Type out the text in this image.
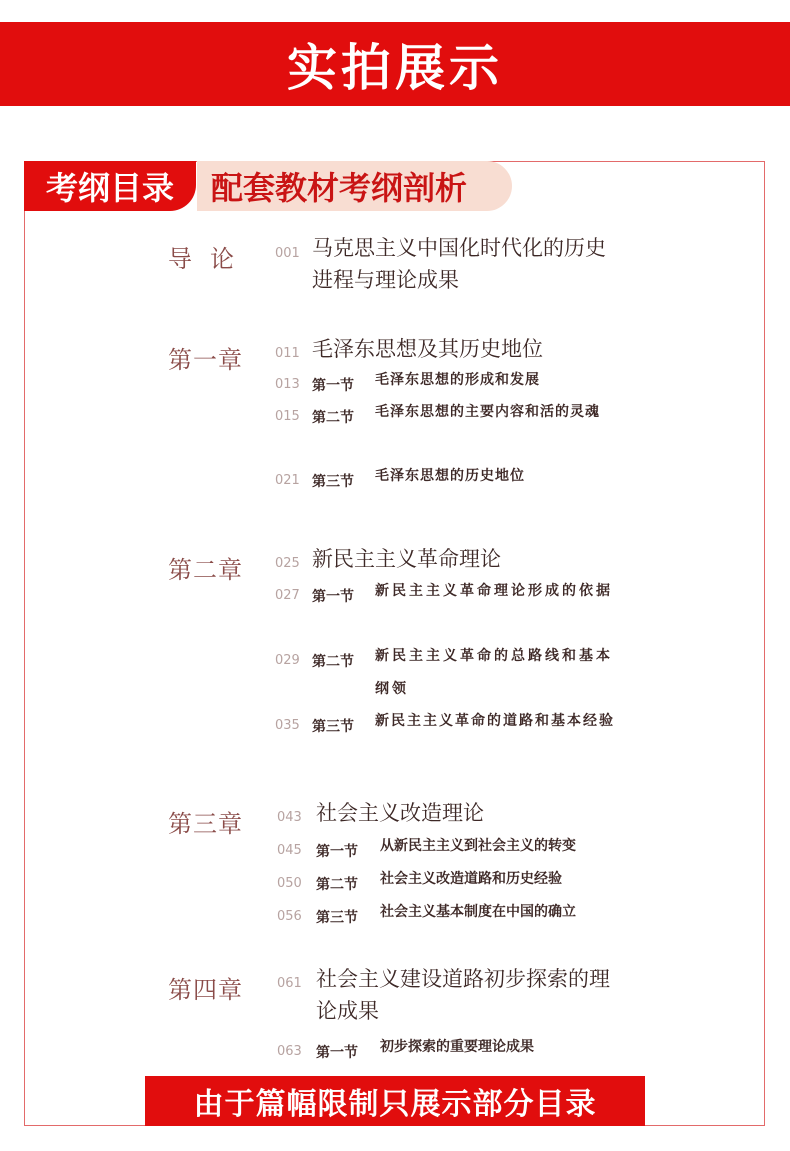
实拍展示
考纲目录	配套教材考纲剖析
导论	001 马克思主义中国化时代化的历史进程与理论成果
第一章	011 毛泽东思想及其历史地位
013 第一节	毛泽东思想的形成和发展
015 第二节	毛泽东思想的主要内容和活的灵魂
021 第三节	毛泽东思想的历史地位
第二章	025 新民主主义革命理论
027 第一节	新民主主义革命理论形成的依据
029 第二节	新民主主义革命的总路线和基本纲领
035 第三节	新民主主义革命的道路和基本经验
第三章	043 社会主义改造理论
045	第一节	从新民主主义到社会主义的转变
050	第二节	社会主义改造道路和历史经验
056	第三节	社会主义基本制度在中国的确立
第四章	061 社会主义建设道路初步探索的理论成果
063	第一节	初步探索的重要理论成果
由于篇幅限制只展示部分目录
